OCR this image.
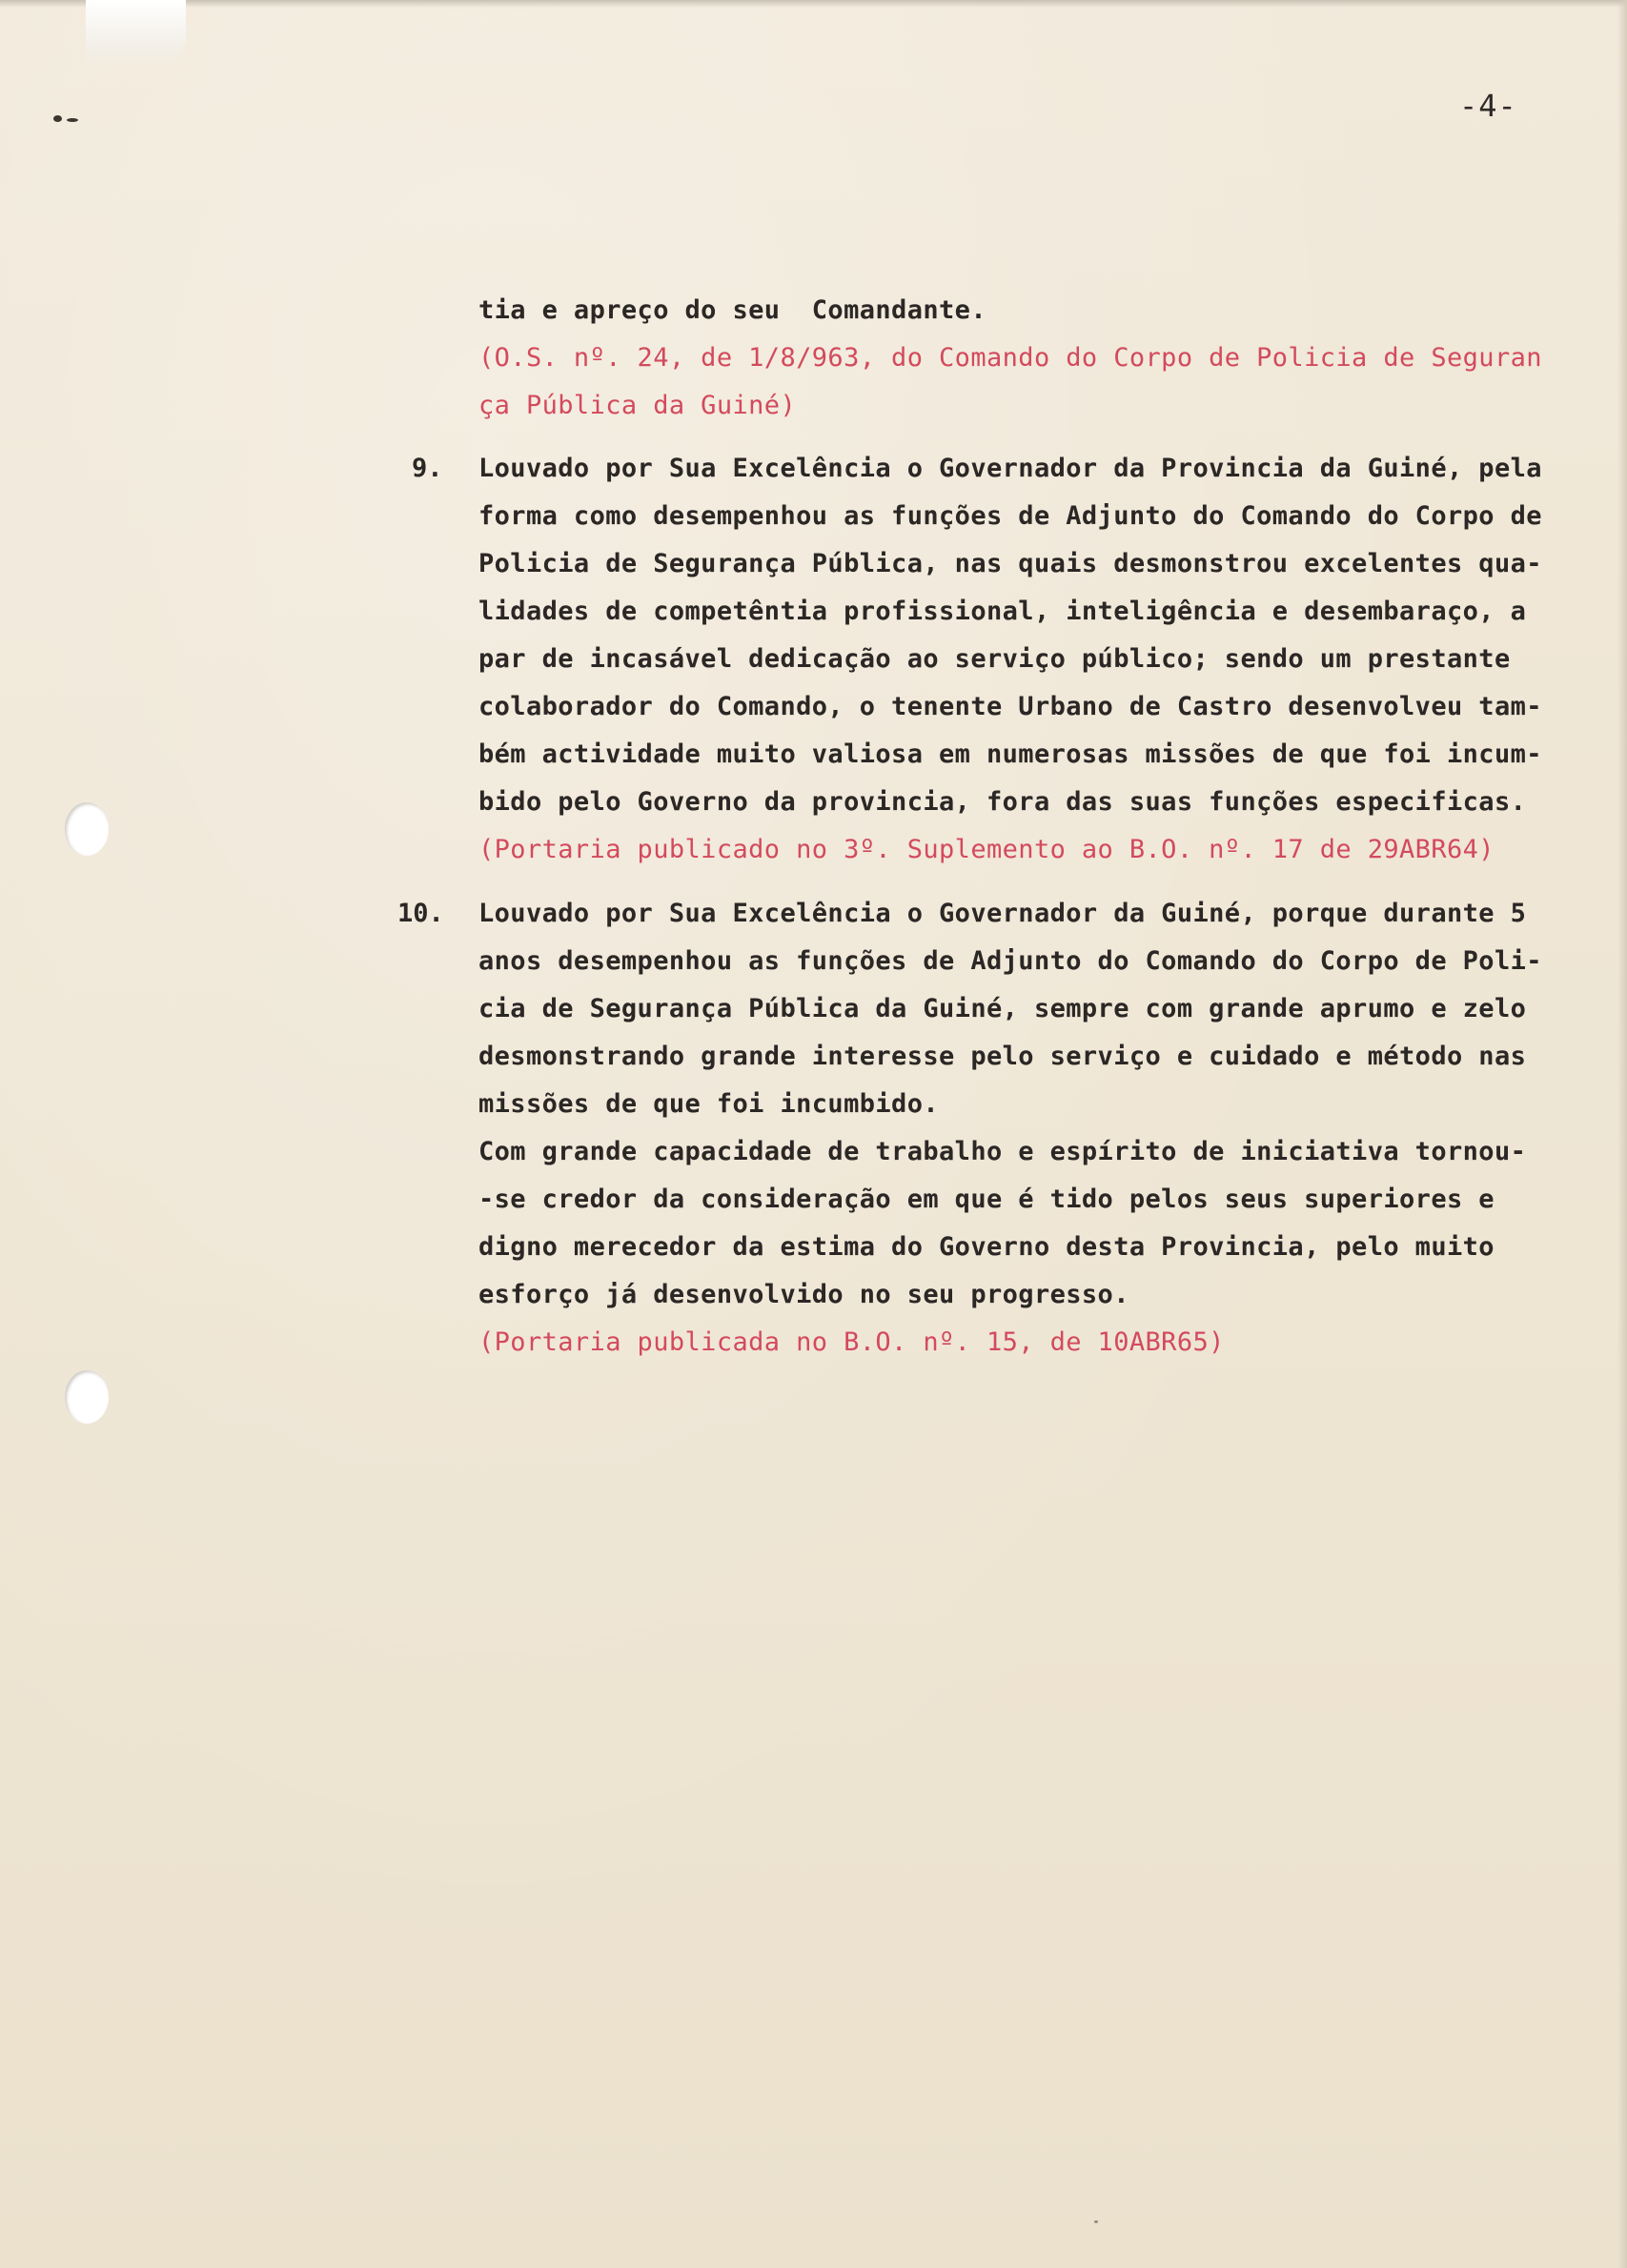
-4-
tia e apreço do seu  Comandante.
(O.S. nº. 24, de 1/8/963, do Comando do Corpo de Policia de Seguran
ça Pública da Guiné)
9. Louvado por Sua Excelência o Governador da Provincia da Guiné, pela
forma como desempenhou as funções de Adjunto do Comando do Corpo de
Policia de Segurança Pública, nas quais desmonstrou excelentes qua-
lidades de competêntia profissional, inteligência e desembaraço, a
par de incasável dedicação ao serviço público; sendo um prestante
colaborador do Comando, o tenente Urbano de Castro desenvolveu tam-
bém actividade muito valiosa em numerosas missões de que foi incum-
bido pelo Governo da provincia, fora das suas funções especificas.
(Portaria publicado no 3º. Suplemento ao B.O. nº. 17 de 29ABR64)
10. Louvado por Sua Excelência o Governador da Guiné, porque durante 5
anos desempenhou as funções de Adjunto do Comando do Corpo de Poli-
cia de Segurança Pública da Guiné, sempre com grande aprumo e zelo
desmonstrando grande interesse pelo serviço e cuidado e método nas
missões de que foi incumbido.
Com grande capacidade de trabalho e espírito de iniciativa tornou-
-se credor da consideração em que é tido pelos seus superiores e
digno merecedor da estima do Governo desta Provincia, pelo muito
esforço já desenvolvido no seu progresso.
(Portaria publicada no B.O. nº. 15, de 10ABR65)
